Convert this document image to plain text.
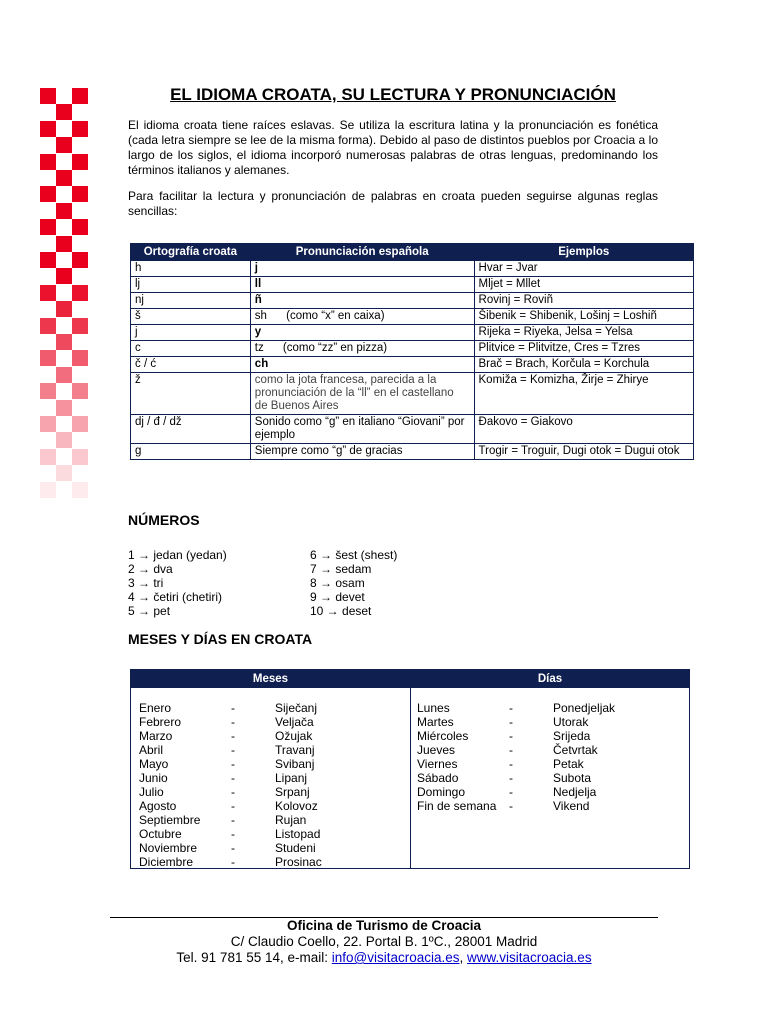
EL IDIOMA CROATA, SU LECTURA Y PRONUNCIACIÓN

El idioma croata tiene raíces eslavas. Se utiliza la escritura latina y la pronunciación es fonética (cada letra siempre se lee de la misma forma). Debido al paso de distintos pueblos por Croacia a lo largo de los siglos, el idioma incorporó numerosas palabras de otras lenguas, predominando los términos italianos y alemanes.

Para facilitar la lectura y pronunciación de palabras en croata pueden seguirse algunas reglas sencillas:

Ortografía croata	Pronunciación española	Ejemplos
h	j	Hvar = Jvar
lj	ll	Mljet = Mllet
nj	ñ	Rovinj = Roviñ
š	sh      (como “x” en caixa)	Šibenik = Shibenik, Lošinj = Loshiñ
j	y	Rijeka = Riyeka, Jelsa = Yelsa
c	tz      (como “zz” en pizza)	Plitvice = Plitvitze, Cres = Tzres
č / ć	ch	Brač = Brach, Korčula = Korchula
ž	como la jota francesa, parecida a la pronunciación de la “ll” en el castellano de Buenos Aires	Komiža = Komizha, Žirje = Zhirye
dj / đ / dž	Sonido como “g” en italiano “Giovani” por ejemplo	Đakovo = Giakovo
g	Siempre como “g” de gracias	Trogir = Troguir, Dugi otok = Dugui otok
NÚMEROS
1 → jedan (yedan)
2 → dva
3 → tri
4 → četiri (chetiri)
5 → pet
6 → šest (shest)
7 → sedam
8 → osam
9 → devet
10 → deset
MESES Y DÍAS EN CROATA
Meses	Días
Enero	-	Siječanj
Febrero	-	Veljača
Marzo	-	Ožujak
Abril	-	Travanj
Mayo	-	Svibanj
Junio	-	Lipanj
Julio	-	Srpanj
Agosto	-	Kolovoz
Septiembre	-	Rujan
Octubre	-	Listopad
Noviembre	-	Studeni
Diciembre	-	Prosinac
Lunes	-	Ponedjeljak
Martes	-	Utorak
Miércoles	-	Srijeda
Jueves	-	Četvrtak
Viernes	-	Petak
Sábado	-	Subota
Domingo	-	Nedjelja
Fin de semana -	Vikend
Oficina de Turismo de Croacia
C/ Claudio Coello, 22. Portal B. 1ºC., 28001 Madrid
Tel. 91 781 55 14, e-mail: info@visitacroacia.es, www.visitacroacia.es
